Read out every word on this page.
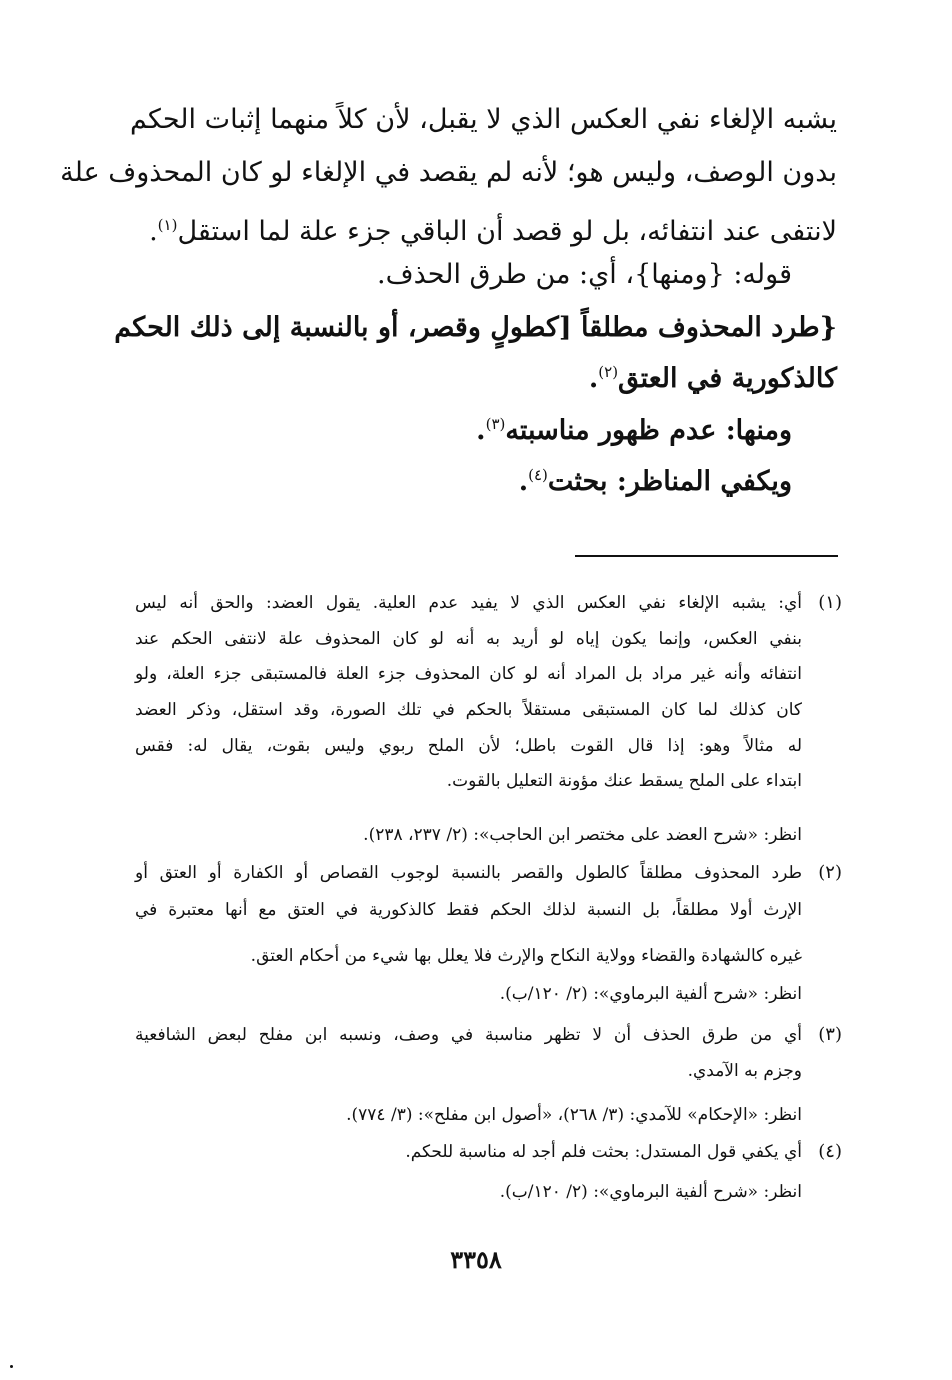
يشبه الإلغاء نفي العكس الذي لا يقبل، لأن كلاً منهما إثبات الحكم
بدون الوصف، وليس هو؛ لأنه لم يقصد في الإلغاء لو كان المحذوف علة
لانتفى عند انتفائه، بل لو قصد أن الباقي جزء علة لما استقل$^{(١)}$.
قوله: {ومنها}، أي: من طرق الحذف.
{طرد المحذوف مطلقاً [كطولٍ وقصر، أو بالنسبة إلى ذلك الحكم
كالذكورية في العتق$^{(٢)}$.
ومنها: عدم ظهور مناسبته$^{(٣)}$.
ويكفي المناظر: بحثت$^{(٤)}$.
(١)
أي: يشبه الإلغاء نفي العكس الذي لا يفيد عدم العلية. يقول العضد: والحق أنه ليس
بنفي العكس، وإنما يكون إياه لو أريد به أنه لو كان المحذوف علة لانتفى الحكم عند
انتفائه وأنه غير مراد بل المراد أنه لو كان المحذوف جزء العلة فالمستبقى جزء العلة، ولو
كان كذلك لما كان المستبقى مستقلاً بالحكم في تلك الصورة، وقد استقل، وذكر العضد
له مثالاً وهو: إذا قال القوت باطل؛ لأن الملح ربوي وليس بقوت، يقال له: فقس
ابتداء على الملح يسقط عنك مؤونة التعليل بالقوت.
انظر: «شرح العضد على مختصر ابن الحاجب»: (٢/ ٢٣٧، ٢٣٨).
(٢)
طرد المحذوف مطلقاً كالطول والقصر بالنسبة لوجوب القصاص أو الكفارة أو العتق أو
الإرث أولا مطلقاً، بل النسبة لذلك الحكم فقط كالذكورية في العتق مع أنها معتبرة في
غيره كالشهادة والقضاء وولاية النكاح والإرث فلا يعلل بها شيء من أحكام العتق.
انظر: «شرح ألفية البرماوي»: (٢/ ١٢٠/ب).
(٣)
أي من طرق الحذف أن لا تظهر مناسبة في وصف، ونسبه ابن مفلح لبعض الشافعية
وجزم به الآمدي.
انظر: «الإحكام» للآمدي: (٣/ ٢٦٨)، «أصول ابن مفلح»: (٣/ ٧٧٤).
(٤)
أي يكفي قول المستدل: بحثت فلم أجد له مناسبة للحكم.
انظر: «شرح ألفية البرماوي»: (٢/ ١٢٠/ب).
٣٣٥٨
